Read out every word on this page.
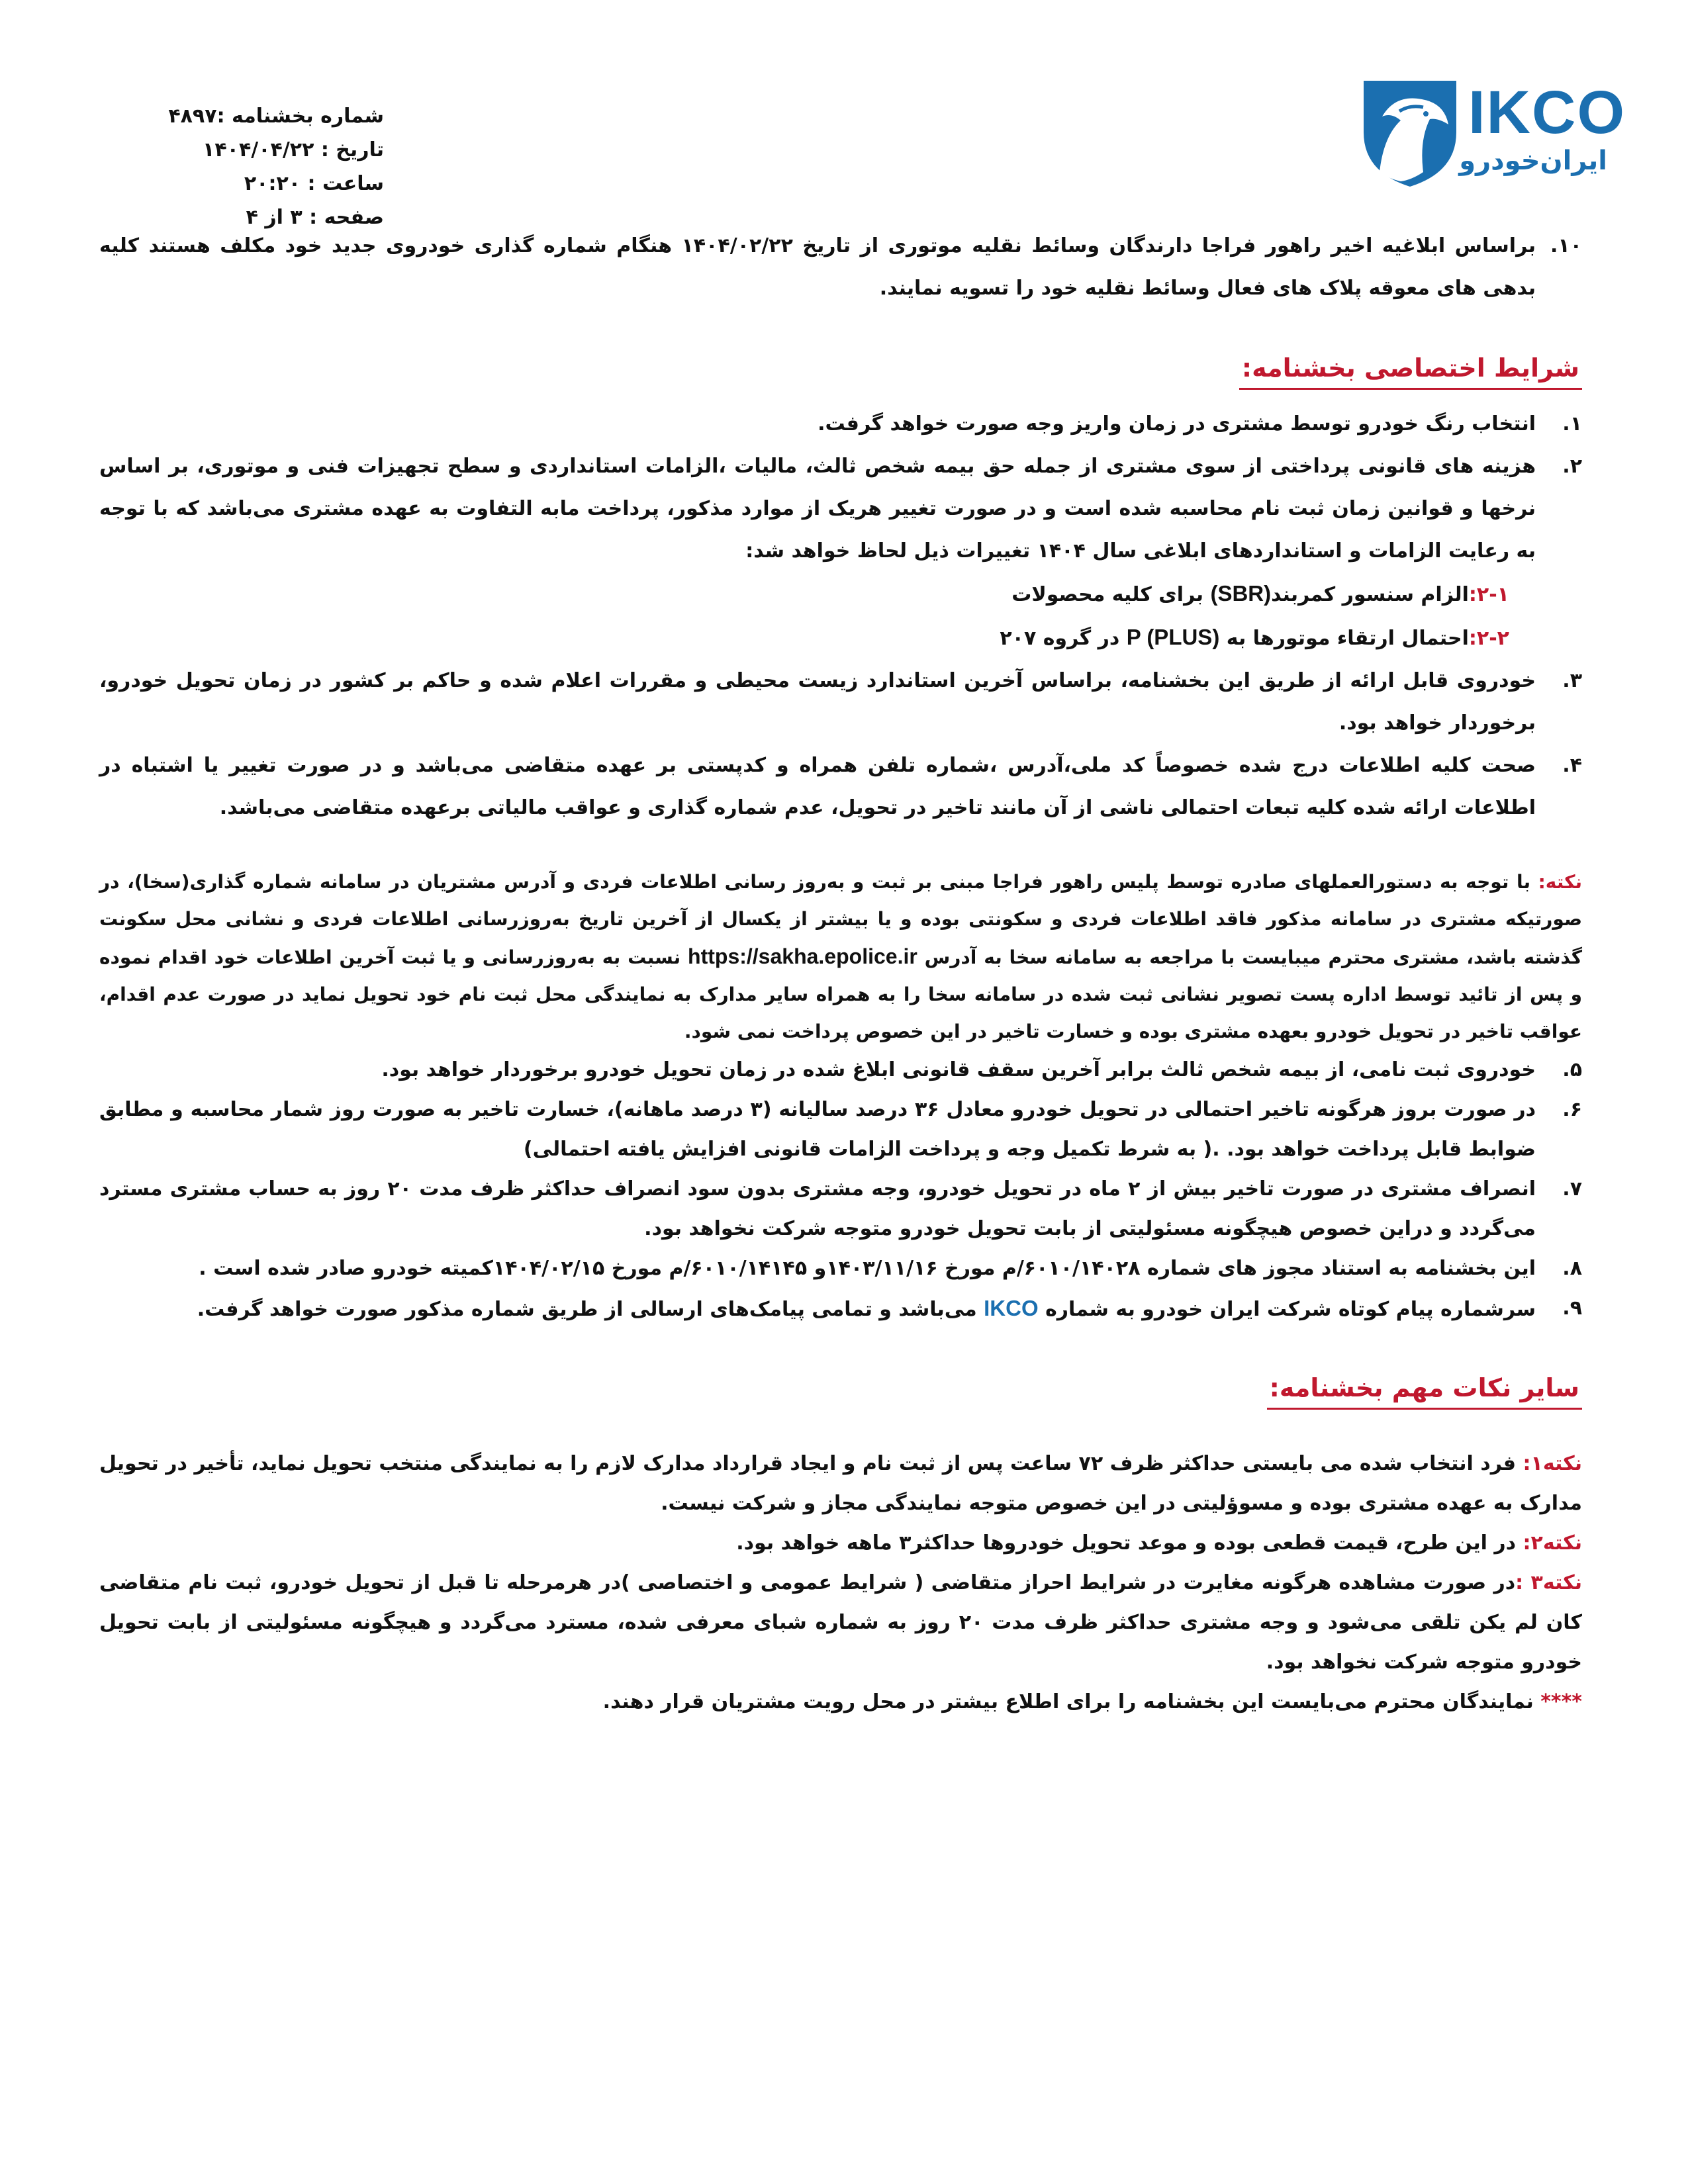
IKCO
ایران‌خودرو
شماره بخشنامه :۴۸۹۷
تاریخ : ۱۴۰۴/۰۴/۲۲
ساعت : ۲۰:۲۰
صفحه : ۳ از ۴

۱۰.
براساس ابلاغیه اخیر راهور فراجا دارندگان وسائط نقلیه موتوری از تاریخ ۱۴۰۴/۰۲/۲۲ هنگام شماره گذاری خودروی جدید خود مکلف هستند کلیه بدهی های معوقه پلاک های فعال وسائط نقلیه خود را تسویه نمایند.

شرایط اختصاصی بخشنامه:

۱.
انتخاب رنگ خودرو توسط مشتری در زمان واریز وجه صورت خواهد گرفت.

۲.
هزینه های قانونی پرداختی از سوی مشتری از جمله حق بیمه شخص ثالث، مالیات ،الزامات استانداردی و سطح تجهیزات فنی و موتوری، بر اساس نرخها و قوانین زمان ثبت نام محاسبه شده است و در صورت تغییر هریک از موارد مذکور، پرداخت مابه التفاوت به عهده مشتری می‌باشد که با توجه به رعایت الزامات و استانداردهای ابلاغی سال ۱۴۰۴ تغییرات ذیل لحاظ خواهد شد:

۲-۱:الزام سنسور کمربند(SBR) برای کلیه محصولات

۲-۲:احتمال ارتقاء موتورها به P (PLUS) در گروه ۲۰۷

۳.
خودروی قابل ارائه از طریق این بخشنامه، براساس آخرین استاندارد زیست محیطی و مقررات اعلام شده و حاکم بر کشور در زمان تحویل خودرو، برخوردار خواهد بود.

۴.
صحت کلیه اطلاعات درج شده خصوصاً کد ملی،آدرس ،شماره تلفن همراه و کدپستی بر عهده متقاضی می‌باشد و در صورت تغییر یا اشتباه در اطلاعات ارائه شده کلیه تبعات احتمالی ناشی از آن مانند تاخیر در تحویل، عدم شماره گذاری و عواقب مالیاتی برعهده متقاضی می‌باشد.

نکته: با توجه به دستورالعملهای صادره توسط پلیس راهور فراجا مبنی بر ثبت و به‌روز رسانی اطلاعات فردی و آدرس مشتریان در سامانه شماره گذاری(سخا)، در صورتیکه مشتری در سامانه مذکور فاقد اطلاعات فردی و سکونتی بوده و یا بیشتر از یکسال از آخرین تاریخ به‌روزرسانی اطلاعات فردی و نشانی محل سکونت گذشته باشد، مشتری محترم میبایست با مراجعه به سامانه سخا به آدرس https://sakha.epolice.ir نسبت به به‌روزرسانی و یا ثبت آخرین اطلاعات خود اقدام نموده و پس از تائید توسط اداره پست تصویر نشانی ثبت شده در سامانه سخا را به همراه سایر مدارک به نمایندگی محل ثبت نام خود تحویل نماید در صورت عدم اقدام، عواقب تاخیر در تحویل خودرو بعهده مشتری بوده و خسارت تاخیر در این خصوص پرداخت نمی شود.

۵.
خودروی ثبت نامی، از بیمه شخص ثالث برابر آخرین سقف قانونی ابلاغ شده در زمان تحویل خودرو برخوردار خواهد بود.

۶.
در صورت بروز هرگونه تاخیر احتمالی در تحویل خودرو معادل ۳۶ درصد سالیانه (۳ درصد ماهانه)، خسارت تاخیر به صورت روز شمار محاسبه و مطابق ضوابط قابل پرداخت خواهد بود. .( به شرط تکمیل وجه و پرداخت الزامات قانونی افزایش یافته احتمالی)

۷.
انصراف مشتری در صورت تاخیر بیش از ۲ ماه در تحویل خودرو، وجه مشتری بدون سود انصراف حداکثر ظرف مدت ۲۰ روز به حساب مشتری مسترد می‌گردد و دراین خصوص هیچگونه مسئولیتی از بابت تحویل خودرو متوجه شرکت نخواهد بود.

۸.
این بخشنامه به استناد مجوز های شماره ۶۰۱۰/۱۴۰۲۸/م مورخ ۱۴۰۳/۱۱/۱۶و ۶۰۱۰/۱۴۱۴۵/م مورخ ۱۴۰۴/۰۲/۱۵کمیته خودرو صادر شده است .

۹.
سرشماره پیام کوتاه شرکت ایران خودرو به شماره IKCO می‌باشد و تمامی پیامک‌های ارسالی از طریق شماره مذکور صورت خواهد گرفت.

سایر نکات مهم بخشنامه:

نکته۱: فرد انتخاب شده می بایستی حداکثر ظرف ۷۲ ساعت پس از ثبت نام و ایجاد قرارداد مدارک لازم را به نمایندگی منتخب تحویل نماید، تأخیر در تحویل مدارک به عهده مشتری بوده و مسوؤلیتی در این خصوص متوجه نمایندگی مجاز و شرکت نیست.

نکته۲: در این طرح، قیمت قطعی بوده و موعد تحویل خودروها حداکثر۳ ماهه خواهد بود.

نکته۳ :در صورت مشاهده هرگونه مغایرت در شرایط احراز متقاضی ( شرایط عمومی و اختصاصی )در هرمرحله تا قبل از تحویل خودرو، ثبت نام متقاضی کان لم یکن تلقی می‌شود و وجه مشتری حداکثر ظرف مدت ۲۰ روز به شماره شبای معرفی شده، مسترد می‌گردد و هیچگونه مسئولیتی از بابت تحویل خودرو متوجه شرکت نخواهد بود.

**** نمایندگان محترم می‌بایست این بخشنامه را برای اطلاع بیشتر در محل رویت مشتریان قرار دهند.
